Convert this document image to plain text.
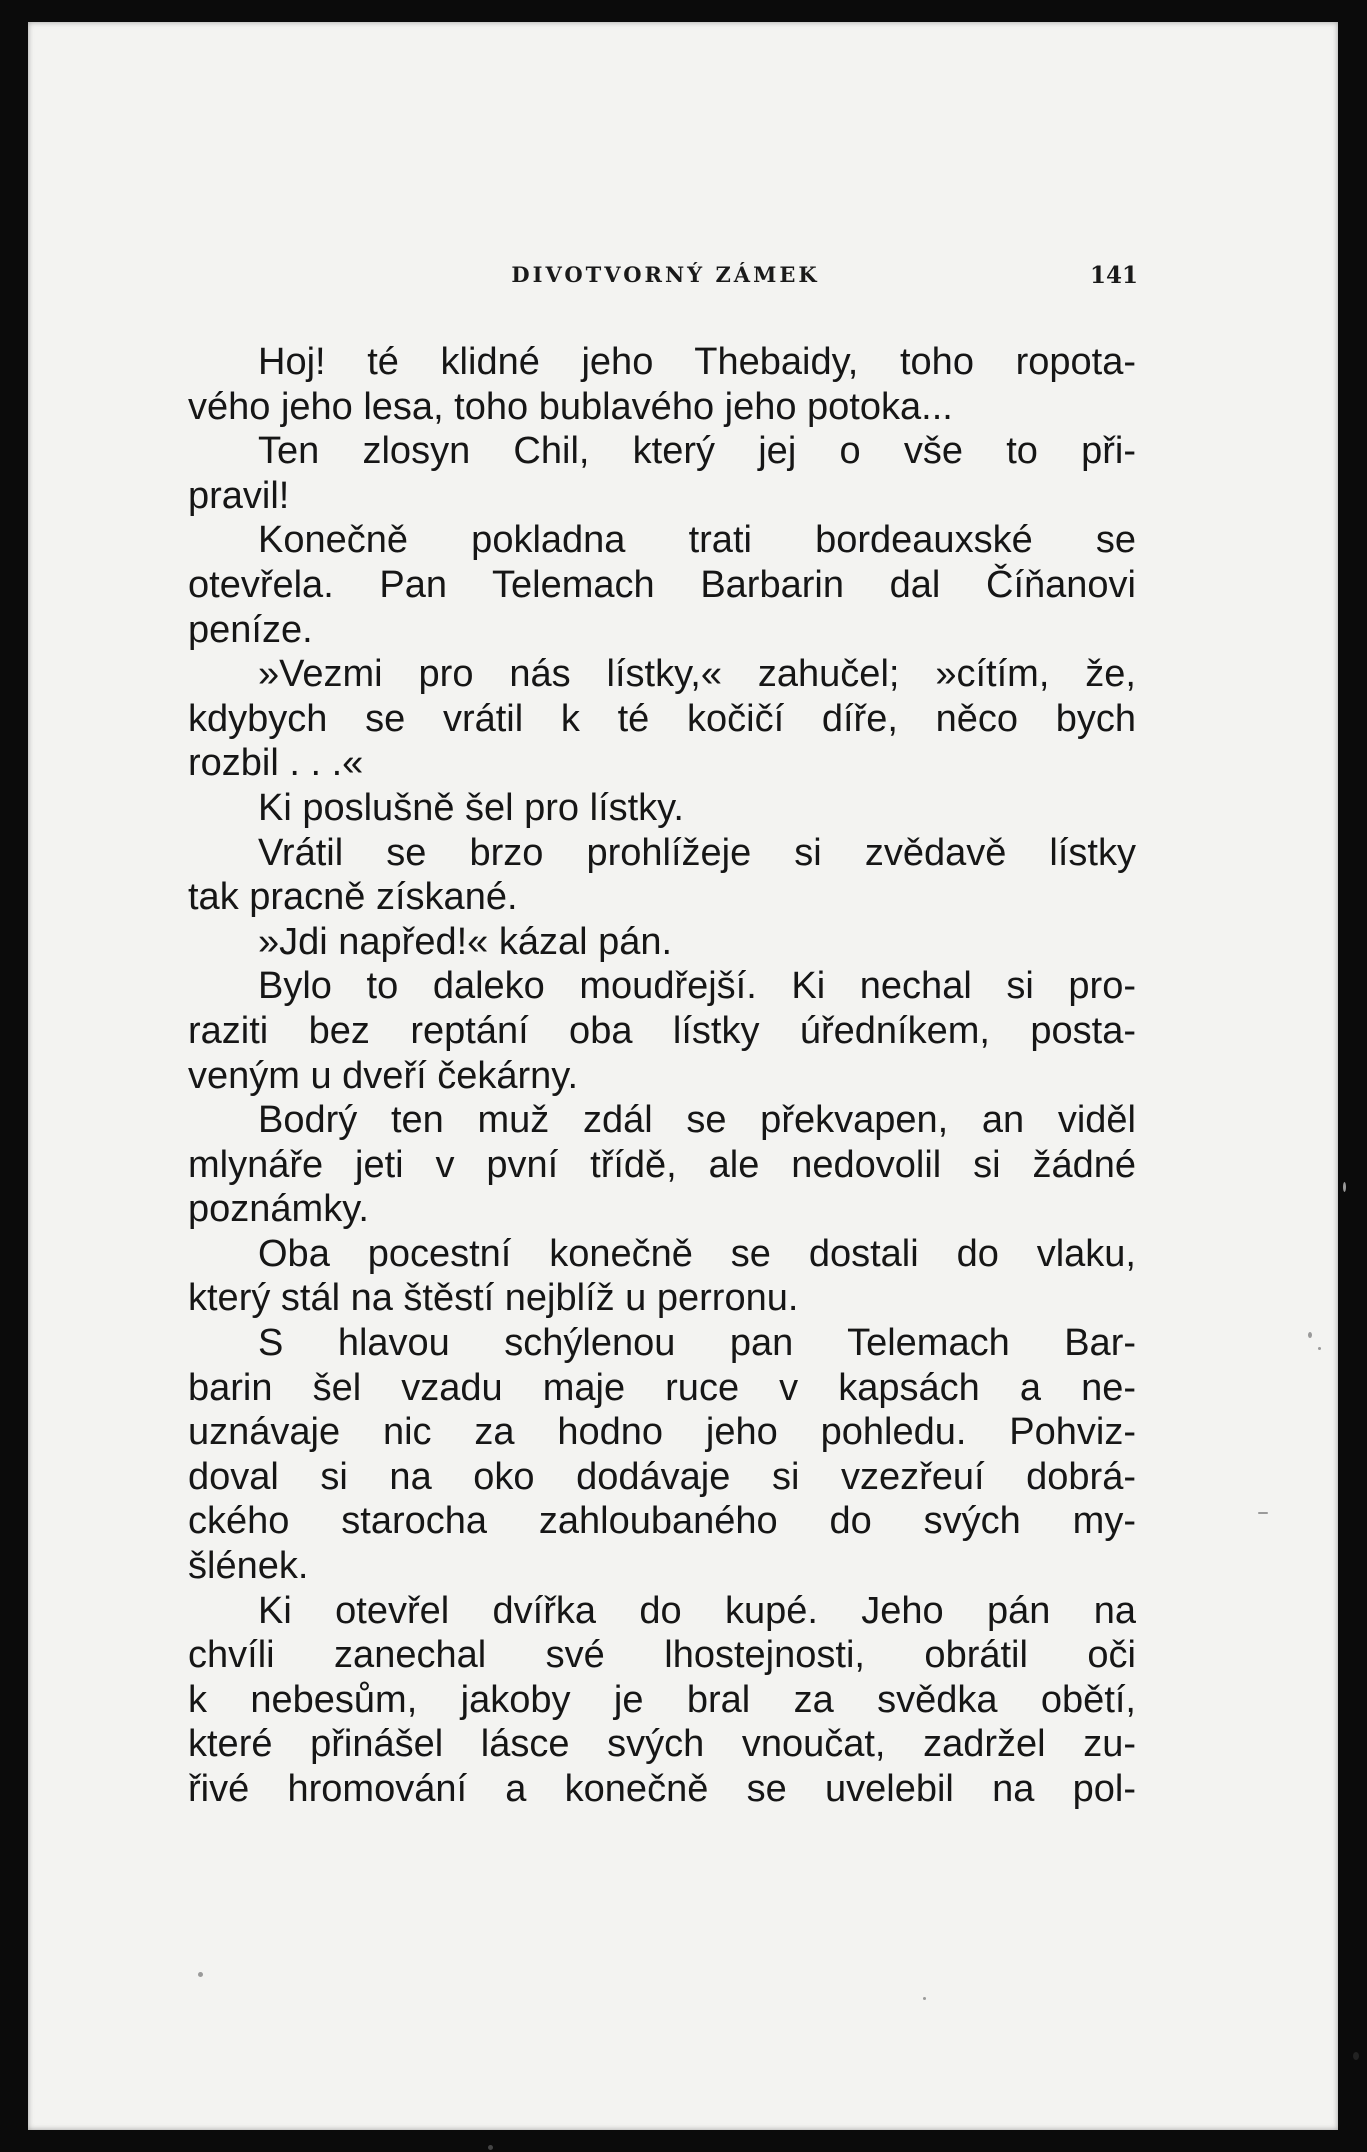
DIVOTVORNÝ ZÁMEK	141
Hoj! té klidné jeho Thebaidy, toho ropota-
vého jeho lesa, toho bublavého jeho potoka...
Ten zlosyn Chil, který jej o vše to při-
pravil!
Konečně pokladna trati bordeauxské se
otevřela. Pan Telemach Barbarin dal Číňanovi
peníze.
»Vezmi pro nás lístky,« zahučel; »cítím, že,
kdybych se vrátil k té kočičí díře, něco bych
rozbil . . .«
Ki poslušně šel pro lístky.
Vrátil se brzo prohlížeje si zvědavě lístky
tak pracně získané.
»Jdi napřed!« kázal pán.
Bylo to daleko moudřejší. Ki nechal si pro-
raziti bez reptání oba lístky úředníkem, posta-
veným u dveří čekárny.
Bodrý ten muž zdál se překvapen, an viděl
mlynáře jeti v pvní třídě, ale nedovolil si žádné
poznámky.
Oba pocestní konečně se dostali do vlaku,
který stál na štěstí nejblíž u perronu.
S hlavou schýlenou pan Telemach Bar-
barin šel vzadu maje ruce v kapsách a ne-
uznávaje nic za hodno jeho pohledu. Pohviz-
doval si na oko dodávaje si vzezřeuí dobrá-
ckého starocha zahloubaného do svých my-
šlének.
Ki otevřel dvířka do kupé. Jeho pán na
chvíli zanechal své lhostejnosti, obrátil oči
k nebesům, jakoby je bral za svědka obětí,
které přinášel lásce svých vnoučat, zadržel zu-
řivé hromování a konečně se uvelebil na pol-
